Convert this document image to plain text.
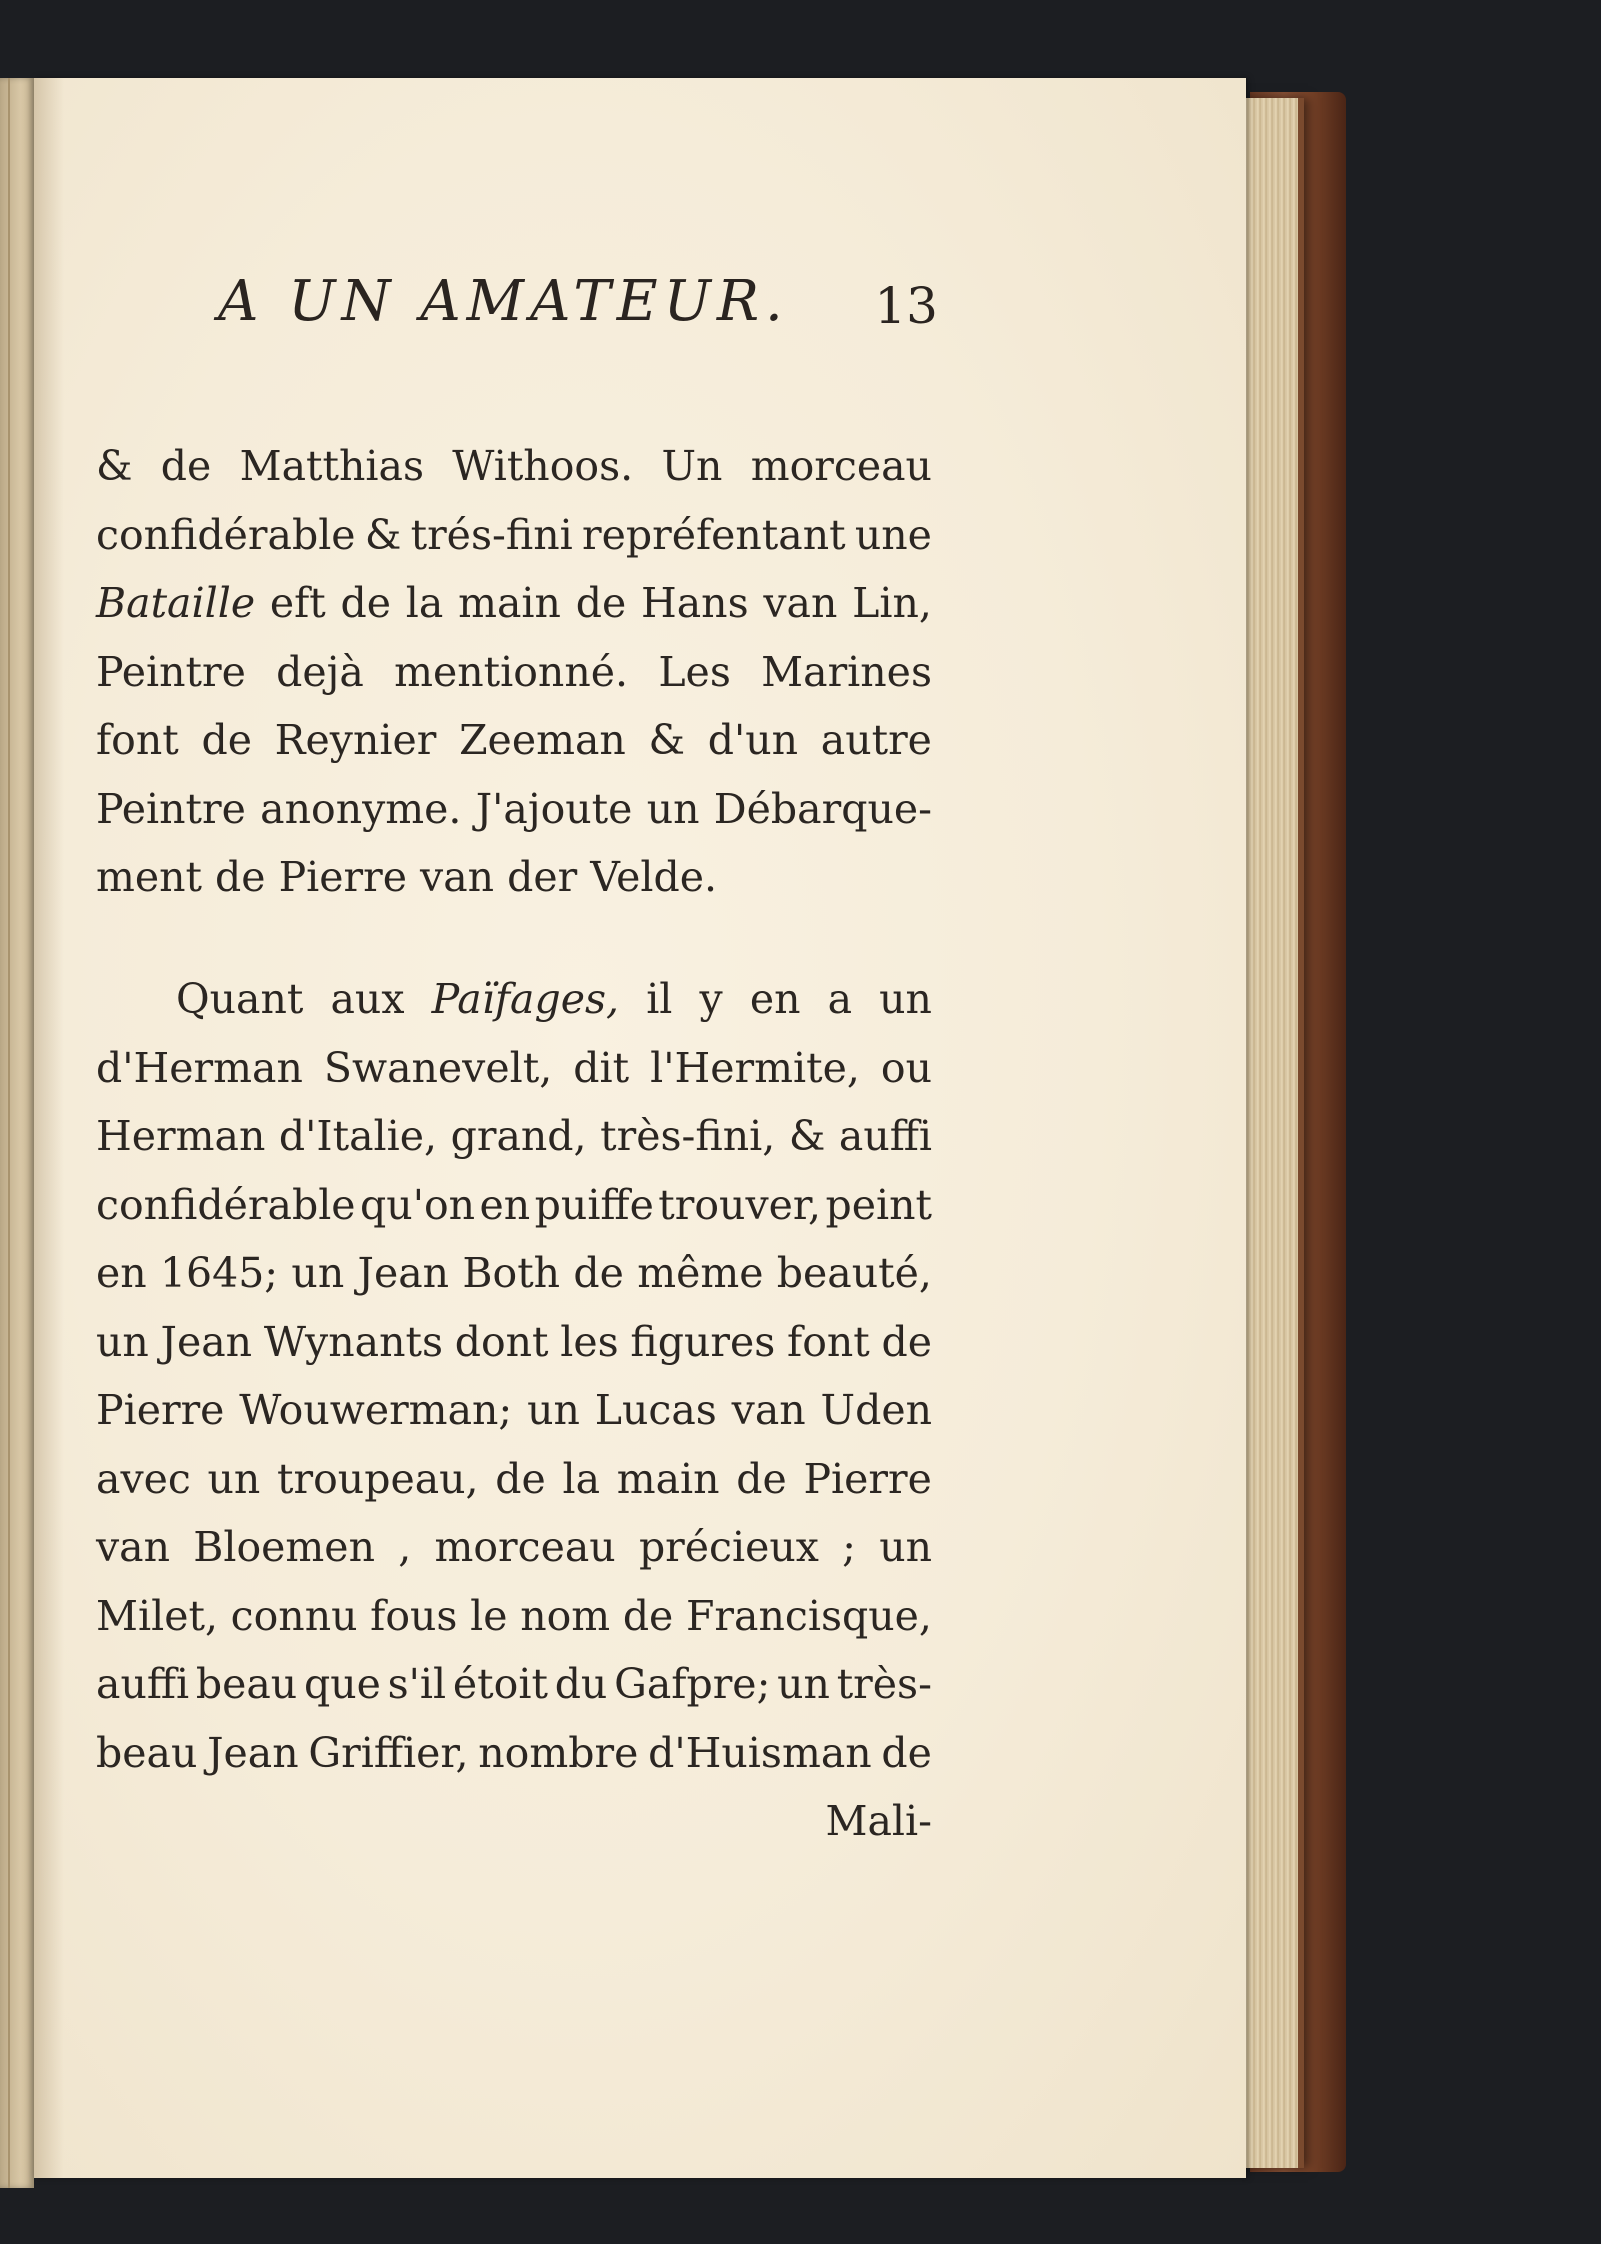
A UN AMATEUR. 13
& de Matthias Withoos. Un morceau
confidérable & trés-fini repréfentant une
Bataille eft de la main de Hans van Lin,
Peintre dejà mentionné. Les Marines
font de Reynier Zeeman & d'un autre
Peintre anonyme. J'ajoute un Débarque-
ment de Pierre van der Velde.
Quant aux Païfages, il y en a un
d'Herman Swanevelt, dit l'Hermite, ou
Herman d'Italie, grand, très-fini, & auffi
confidérable qu'on en puiffe trouver, peint
en 1645; un Jean Both de même beauté,
un Jean Wynants dont les figures font de
Pierre Wouwerman; un Lucas van Uden
avec un troupeau, de la main de Pierre
van Bloemen , morceau précieux ; un
Milet, connu fous le nom de Francisque,
auffi beau que s'il étoit du Gafpre; un très-
beau Jean Griffier, nombre d'Huisman de
Mali-
